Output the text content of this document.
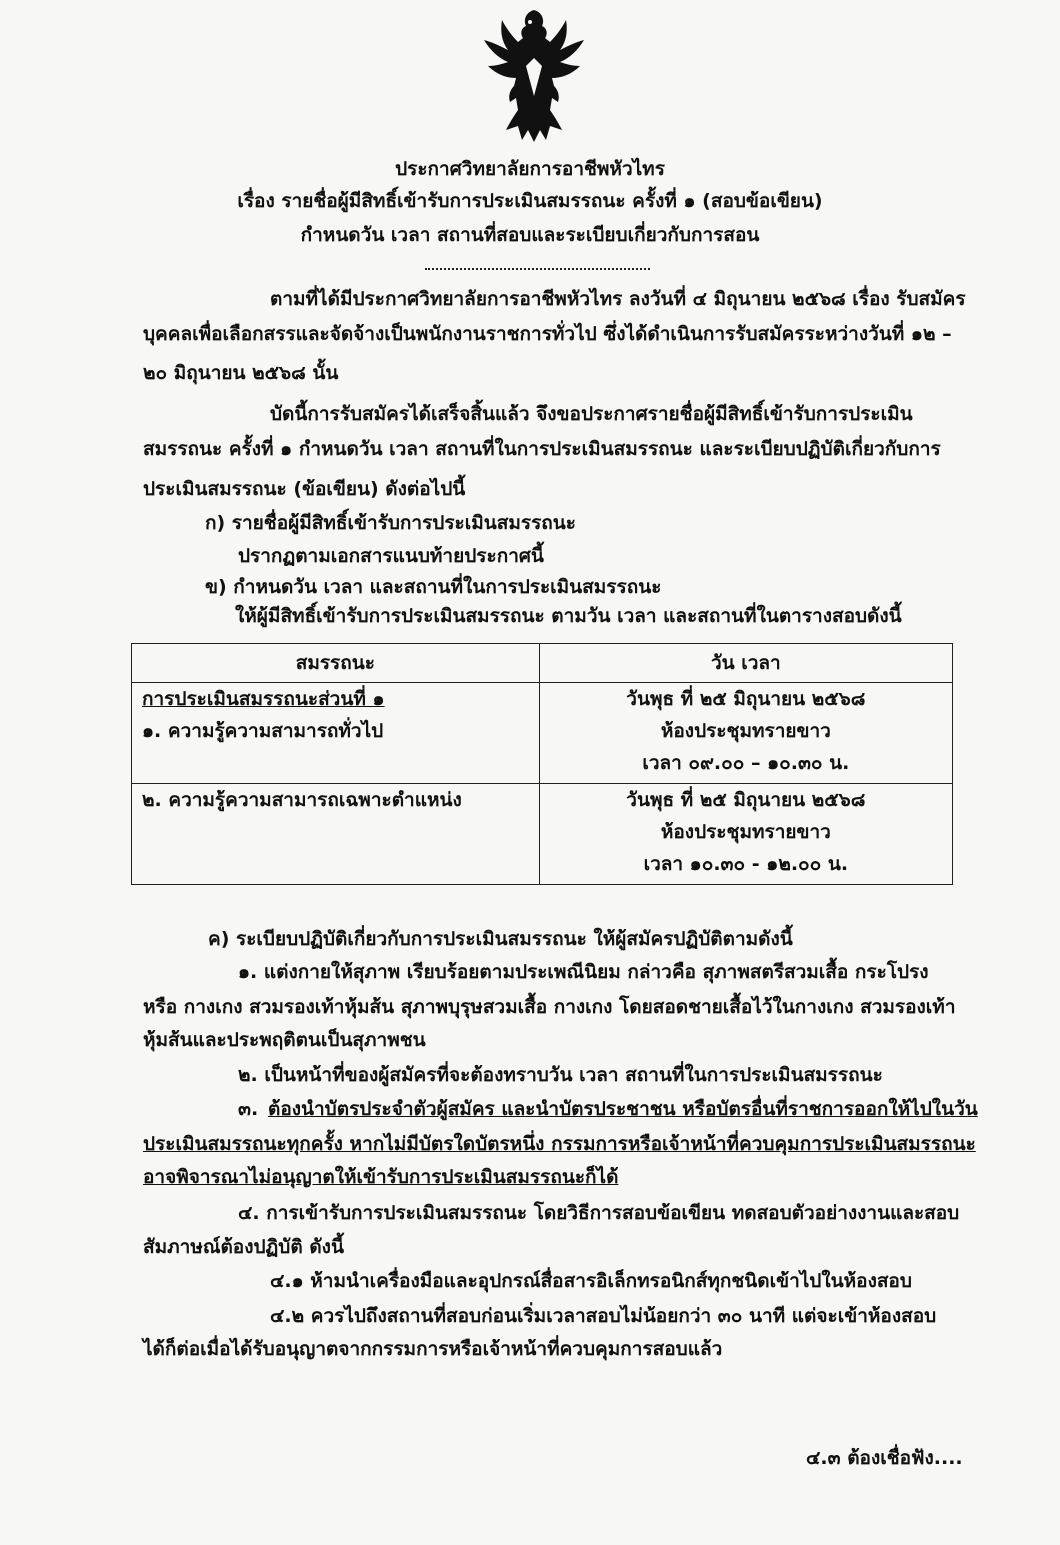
ประกาศวิทยาลัยการอาชีพหัวไทร
เรื่อง รายชื่อผู้มีสิทธิ์เข้ารับการประเมินสมรรถนะ ครั้งที่ ๑ (สอบข้อเขียน)
กำหนดวัน เวลา สถานที่สอบและระเบียบเกี่ยวกับการสอน
ตามที่ได้มีประกาศวิทยาลัยการอาชีพหัวไทร ลงวันที่ ๔ มิถุนายน ๒๕๖๘ เรื่อง รับสมัคร
บุคคลเพื่อเลือกสรรและจัดจ้างเป็นพนักงานราชการทั่วไป ซึ่งได้ดำเนินการรับสมัครระหว่างวันที่ ๑๒ –
๒๐ มิถุนายน ๒๕๖๘ นั้น
บัดนี้การรับสมัครได้เสร็จสิ้นแล้ว จึงขอประกาศรายชื่อผู้มีสิทธิ์เข้ารับการประเมิน
สมรรถนะ ครั้งที่ ๑ กำหนดวัน เวลา สถานที่ในการประเมินสมรรถนะ และระเบียบปฏิบัติเกี่ยวกับการ
ประเมินสมรรถนะ (ข้อเขียน) ดังต่อไปนี้
ก) รายชื่อผู้มีสิทธิ์เข้ารับการประเมินสมรรถนะ
ปรากฏตามเอกสารแนบท้ายประกาศนี้
ข) กำหนดวัน เวลา และสถานที่ในการประเมินสมรรถนะ
ให้ผู้มีสิทธิ์เข้ารับการประเมินสมรรถนะ ตามวัน เวลา และสถานที่ในตารางสอบดังนี้
สมรรถนะ	วัน เวลา

การประเมินสมรรถนะส่วนที่ ๑
๑. ความรู้ความสามารถทั่วไป	วันพุธ ที่ ๒๕ มิถุนายน ๒๕๖๘
ห้องประชุมทรายขาว
เวลา ๐๙.๐๐ – ๑๐.๓๐ น.

๒. ความรู้ความสามารถเฉพาะตำแหน่ง	วันพุธ ที่ ๒๕ มิถุนายน ๒๕๖๘
ห้องประชุมทรายขาว
เวลา ๑๐.๓๐ - ๑๒.๐๐ น.
ค) ระเบียบปฏิบัติเกี่ยวกับการประเมินสมรรถนะ ให้ผู้สมัครปฏิบัติตามดังนี้
๑. แต่งกายให้สุภาพ เรียบร้อยตามประเพณีนิยม กล่าวคือ สุภาพสตรีสวมเสื้อ กระโปรง
หรือ กางเกง สวมรองเท้าหุ้มส้น สุภาพบุรุษสวมเสื้อ กางเกง โดยสอดชายเสื้อไว้ในกางเกง สวมรองเท้า
หุ้มส้นและประพฤติตนเป็นสุภาพชน
๒. เป็นหน้าที่ของผู้สมัครที่จะต้องทราบวัน เวลา สถานที่ในการประเมินสมรรถนะ
๓. ต้องนำบัตรประจำตัวผู้สมัคร และนำบัตรประชาชน หรือบัตรอื่นที่ราชการออกให้ไปในวัน
ประเมินสมรรถนะทุกครั้ง หากไม่มีบัตรใดบัตรหนึ่ง กรรมการหรือเจ้าหน้าที่ควบคุมการประเมินสมรรถนะ
อาจพิจารณาไม่อนุญาตให้เข้ารับการประเมินสมรรถนะก็ได้
๔. การเข้ารับการประเมินสมรรถนะ โดยวิธีการสอบข้อเขียน ทดสอบตัวอย่างงานและสอบ
สัมภาษณ์ต้องปฏิบัติ ดังนี้
๔.๑ ห้ามนำเครื่องมือและอุปกรณ์สื่อสารอิเล็กทรอนิกส์ทุกชนิดเข้าไปในห้องสอบ
๔.๒ ควรไปถึงสถานที่สอบก่อนเริ่มเวลาสอบไม่น้อยกว่า ๓๐ นาที แต่จะเข้าห้องสอบ
ได้ก็ต่อเมื่อได้รับอนุญาตจากกรรมการหรือเจ้าหน้าที่ควบคุมการสอบแล้ว
๔.๓ ต้องเชื่อฟัง....
